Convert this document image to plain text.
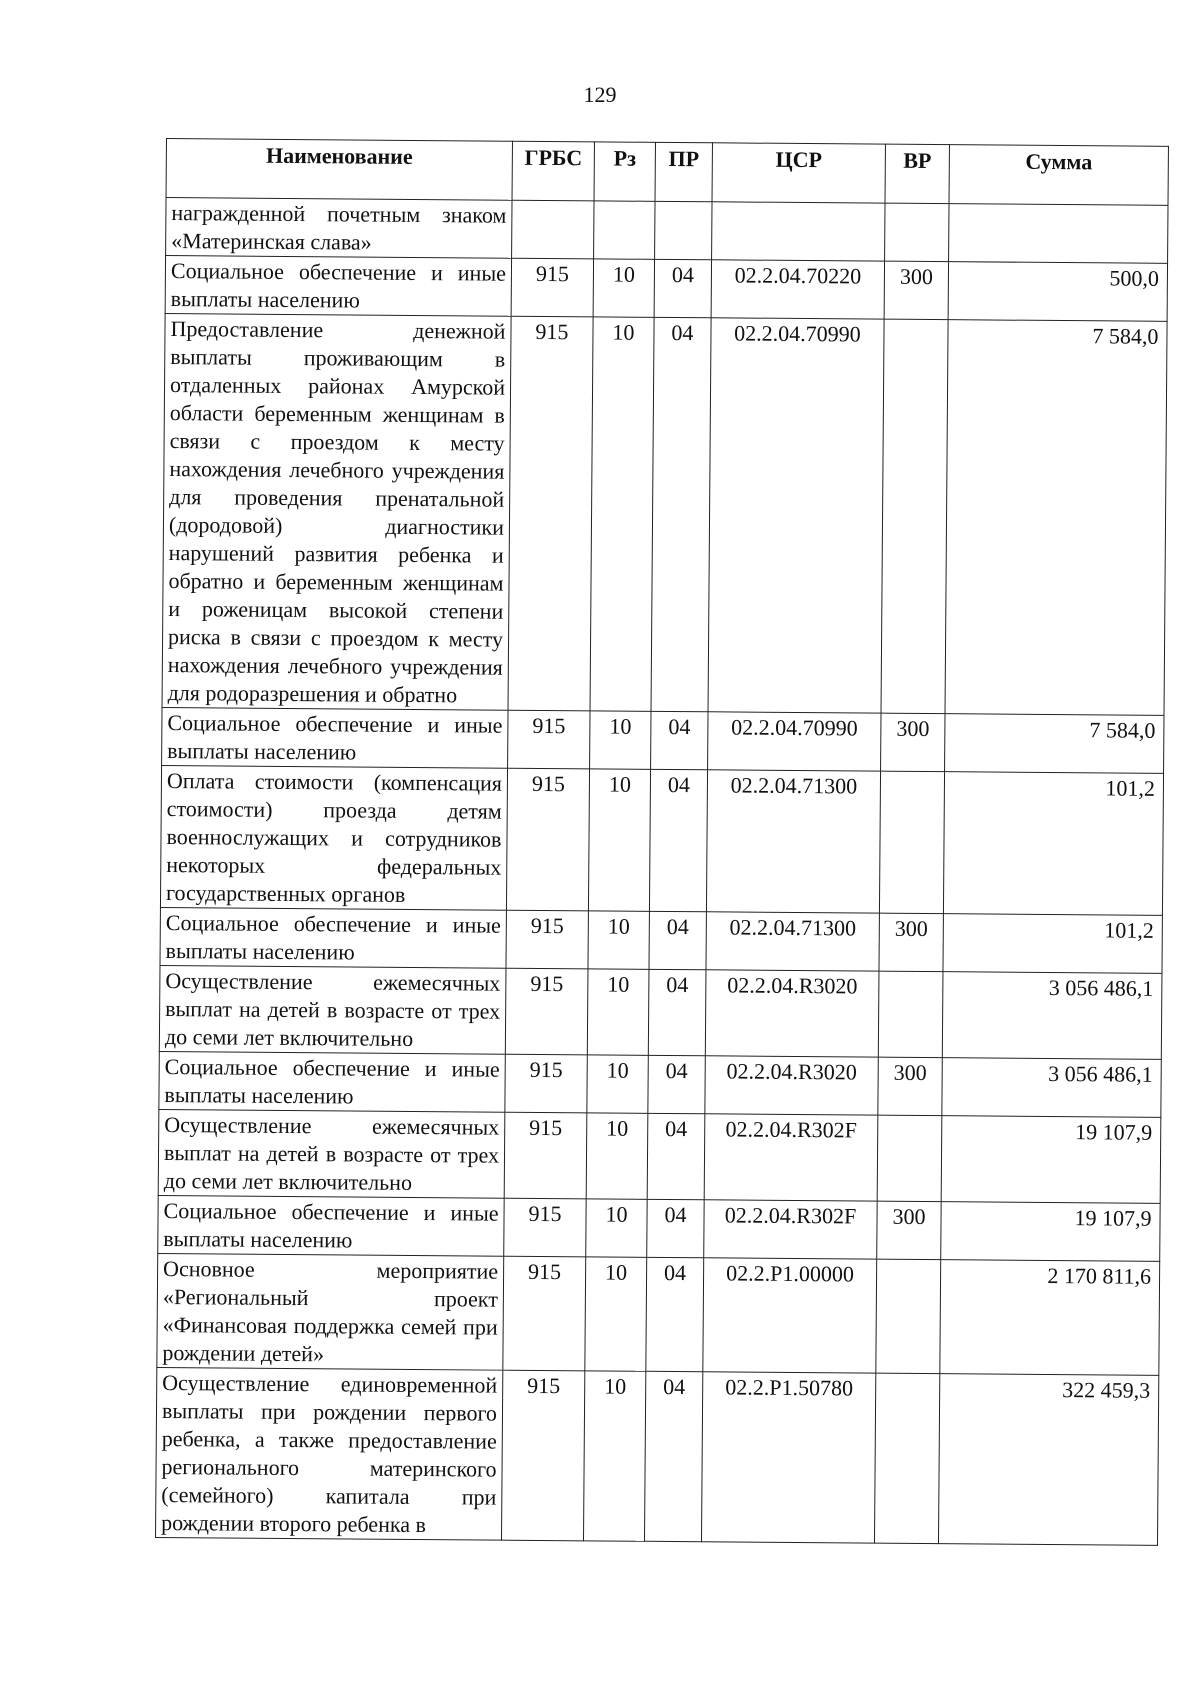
129
Наименование	ГРБС	Рз	ПР	ЦСР	ВР	Сумма
награжденной почетным знаком «Материнская слава»						
Социальное обеспечение и иные выплаты населению	915	10	04	02.2.04.70220	300	500,0
Предоставление денежной выплаты проживающим в отдаленных районах Амурской области беременным женщинам в связи с проездом к месту нахождения лечебного учреждения для проведения пренатальной (дородовой) диагностики нарушений развития ребенка и обратно и беременным женщинам и роженицам высокой степени риска в связи с проездом к месту нахождения лечебного учреждения для родоразрешения и обратно	915	10	04	02.2.04.70990		7 584,0
Социальное обеспечение и иные выплаты населению	915	10	04	02.2.04.70990	300	7 584,0
Оплата стоимости (компенсация стоимости) проезда детям военнослужащих и сотрудников некоторых федеральных государственных органов	915	10	04	02.2.04.71300		101,2
Социальное обеспечение и иные выплаты населению	915	10	04	02.2.04.71300	300	101,2
Осуществление ежемесячных выплат на детей в возрасте от трех до семи лет включительно	915	10	04	02.2.04.R3020		3 056 486,1
Социальное обеспечение и иные выплаты населению	915	10	04	02.2.04.R3020	300	3 056 486,1
Осуществление ежемесячных выплат на детей в возрасте от трех до семи лет включительно	915	10	04	02.2.04.R302F		19 107,9
Социальное обеспечение и иные выплаты населению	915	10	04	02.2.04.R302F	300	19 107,9
Основное мероприятие «Региональный проект «Финансовая поддержка семей при рождении детей»	915	10	04	02.2.P1.00000		2 170 811,6
Осуществление единовременной выплаты при рождении первого ребенка, а также предоставление регионального материнского (семейного) капитала при рождении второго ребенка в	915	10	04	02.2.P1.50780		322 459,3
